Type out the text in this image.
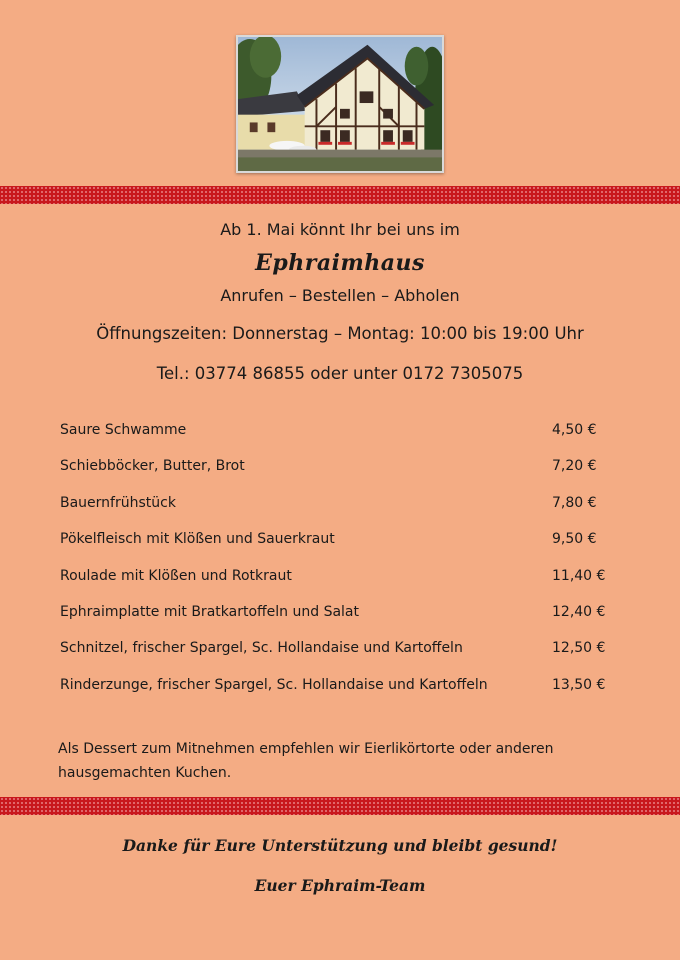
Ab 1. Mai könnt Ihr bei uns im
Ephraimhaus
Anrufen – Bestellen – Abholen
Öffnungszeiten: Donnerstag – Montag: 10:00 bis 19:00 Uhr
Tel.: 03774 86855 oder unter 0172 7305075
Saure Schwamme	4,50 €
Schiebböcker, Butter, Brot	7,20 €
Bauernfrühstück	7,80 €
Pökelfleisch mit Klößen und Sauerkraut	9,50 €
Roulade mit Klößen und Rotkraut	11,40 €
Ephraimplatte mit Bratkartoffeln und Salat	12,40 €
Schnitzel, frischer Spargel, Sc. Hollandaise und Kartoffeln	12,50 €
Rinderzunge, frischer Spargel, Sc. Hollandaise und Kartoffeln	13,50 €
Als Dessert zum Mitnehmen empfehlen wir Eierlikörtorte oder anderen hausgemachten Kuchen.
Danke für Eure Unterstützung und bleibt gesund!
Euer Ephraim-Team
